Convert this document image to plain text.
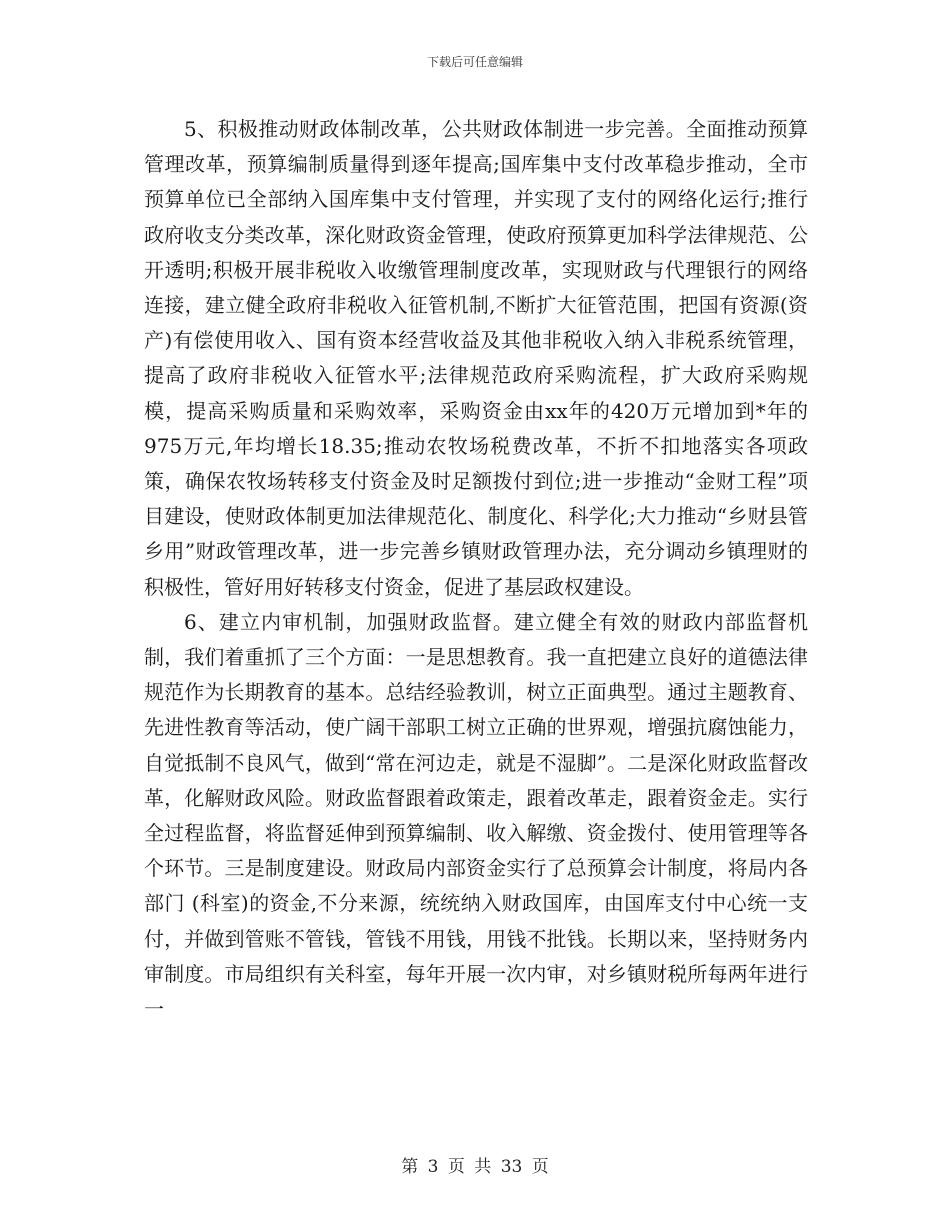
下载后可任意编辑

5、积极推动财政体制改革，公共财政体制进一步完善。全面推动预算管理改革，预算编制质量得到逐年提高;国库集中支付改革稳步推动，全市预算单位已全部纳入国库集中支付管理，并实现了支付的网络化运行;推行政府收支分类改革，深化财政资金管理，使政府预算更加科学法律规范、公开透明;积极开展非税收入收缴管理制度改革，实现财政与代理银行的网络连接，建立健全政府非税收入征管机制,不断扩大征管范围，把国有资源(资产)有偿使用收入、国有资本经营收益及其他非税收入纳入非税系统管理，提高了政府非税收入征管水平;法律规范政府采购流程，扩大政府采购规模，提高采购质量和采购效率，采购资金由xx年的420万元增加到*年的975万元,年均增长18.35;推动农牧场税费改革，不折不扣地落实各项政策，确保农牧场转移支付资金及时足额拨付到位;进一步推动“金财工程”项目建设，使财政体制更加法律规范化、制度化、科学化;大力推动“乡财县管乡用”财政管理改革，进一步完善乡镇财政管理办法，充分调动乡镇理财的积极性，管好用好转移支付资金，促进了基层政权建设。

6、建立内审机制，加强财政监督。建立健全有效的财政内部监督机制，我们着重抓了三个方面：一是思想教育。我一直把建立良好的道德法律规范作为长期教育的基本。总结经验教训，树立正面典型。通过主题教育、先进性教育等活动，使广阔干部职工树立正确的世界观，增强抗腐蚀能力，自觉抵制不良风气，做到“常在河边走，就是不湿脚”。二是深化财政监督改革，化解财政风险。财政监督跟着政策走，跟着改革走，跟着资金走。实行全过程监督，将监督延伸到预算编制、收入解缴、资金拨付、使用管理等各个环节。三是制度建设。财政局内部资金实行了总预算会计制度，将局内各部门 (科室)的资金,不分来源，统统纳入财政国库，由国库支付中心统一支付，并做到管账不管钱，管钱不用钱，用钱不批钱。长期以来，坚持财务内审制度。市局组织有关科室，每年开展一次内审，对乡镇财税所每两年进行一

第 3 页 共 33 页
